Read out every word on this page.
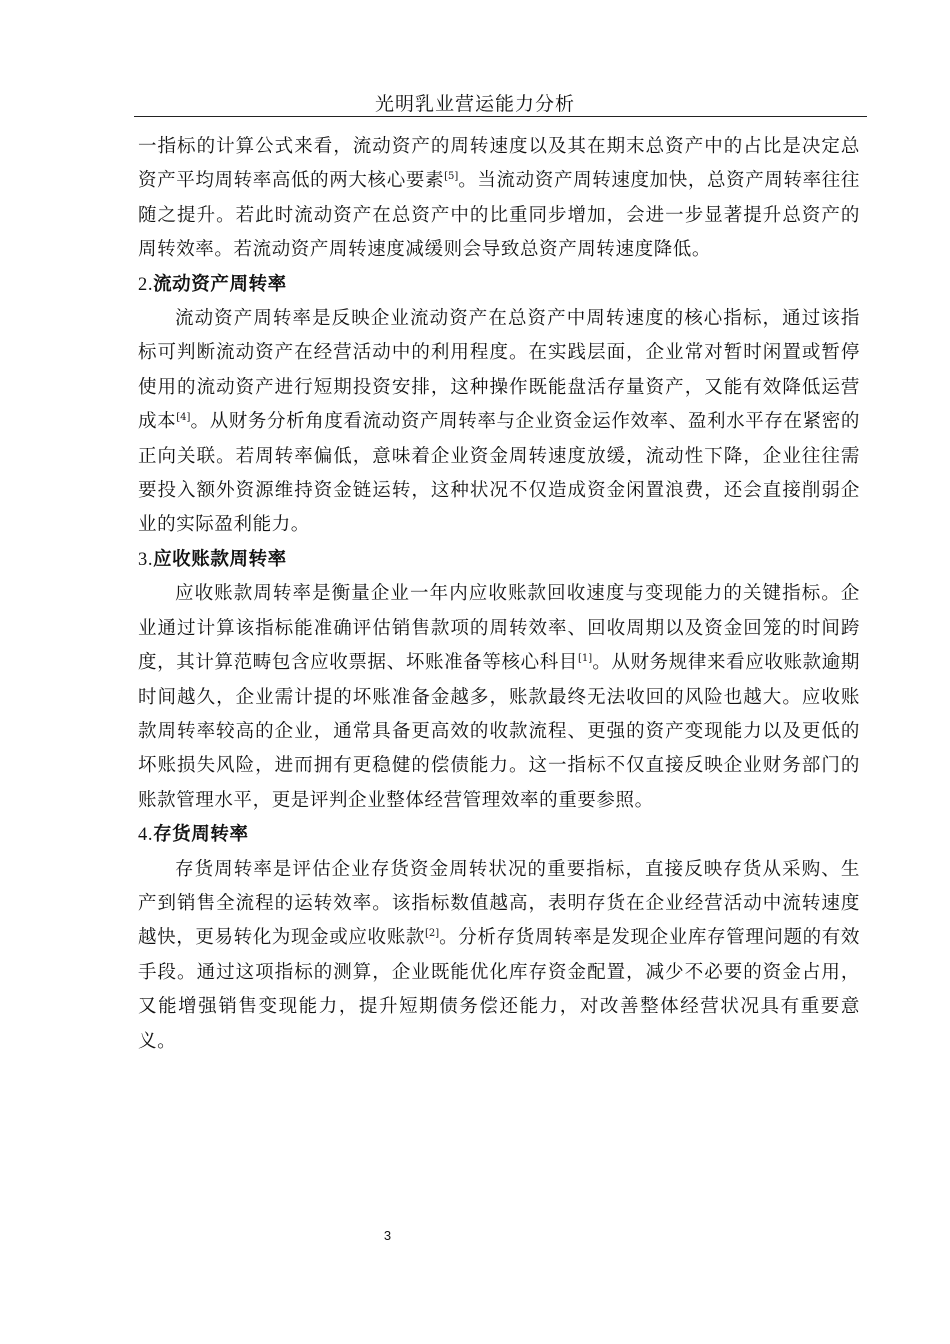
光明乳业营运能力分析

一指标的计算公式来看，流动资产的周转速度以及其在期末总资产中的占比是决定总资产平均周转率高低的两大核心要素[5]。当流动资产周转速度加快，总资产周转率往往随之提升。若此时流动资产在总资产中的比重同步增加，会进一步显著提升总资产的周转效率。若流动资产周转速度减缓则会导致总资产周转速度降低。

2.流动资产周转率

流动资产周转率是反映企业流动资产在总资产中周转速度的核心指标，通过该指标可判断流动资产在经营活动中的利用程度。在实践层面，企业常对暂时闲置或暂停使用的流动资产进行短期投资安排，这种操作既能盘活存量资产，又能有效降低运营成本[4]。从财务分析角度看流动资产周转率与企业资金运作效率、盈利水平存在紧密的正向关联。若周转率偏低，意味着企业资金周转速度放缓，流动性下降，企业往往需要投入额外资源维持资金链运转，这种状况不仅造成资金闲置浪费，还会直接削弱企业的实际盈利能力。

3.应收账款周转率

应收账款周转率是衡量企业一年内应收账款回收速度与变现能力的关键指标。企业通过计算该指标能准确评估销售款项的周转效率、回收周期以及资金回笼的时间跨度，其计算范畴包含应收票据、坏账准备等核心科目[1]。从财务规律来看应收账款逾期时间越久，企业需计提的坏账准备金越多，账款最终无法收回的风险也越大。应收账款周转率较高的企业，通常具备更高效的收款流程、更强的资产变现能力以及更低的坏账损失风险，进而拥有更稳健的偿债能力。这一指标不仅直接反映企业财务部门的账款管理水平，更是评判企业整体经营管理效率的重要参照。

4.存货周转率

存货周转率是评估企业存货资金周转状况的重要指标，直接反映存货从采购、生产到销售全流程的运转效率。该指标数值越高，表明存货在企业经营活动中流转速度越快，更易转化为现金或应收账款[2]。分析存货周转率是发现企业库存管理问题的有效手段。通过这项指标的测算，企业既能优化库存资金配置，减少不必要的资金占用，又能增强销售变现能力，提升短期债务偿还能力，对改善整体经营状况具有重要意义。

3
